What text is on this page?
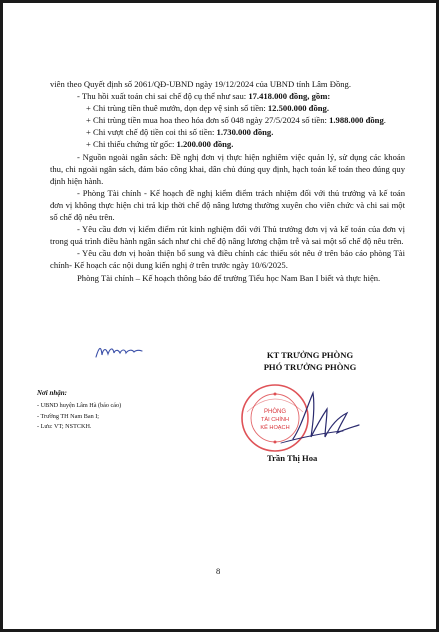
viên theo Quyết định số 2061/QĐ-UBND ngày 19/12/2024 của UBND tỉnh Lâm Đồng.

- Thu hồi xuất toán chi sai chế độ cụ thể như sau: 17.418.000 đồng, gồm:

+ Chi trùng tiền thuê mướn, dọn dẹp vệ sinh số tiền: 12.500.000 đồng.

+ Chi trùng tiền mua hoa theo hóa đơn số 048 ngày 27/5/2024 số tiền: 1.988.000 đồng.

+ Chi vượt chế độ tiền coi thi số tiền: 1.730.000 đồng.

+ Chi thiếu chứng từ gốc: 1.200.000 đồng.

- Nguồn ngoài ngân sách: Đề nghị đơn vị thực hiện nghiêm việc quản lý, sử dụng các khoản thu, chi ngoài ngân sách, đảm bảo công khai, dân chủ đúng quy định, hạch toán kế toán theo đúng quy định hiện hành.

- Phòng Tài chính - Kế hoạch đề nghị kiểm điểm trách nhiệm đối với thủ trưởng và kế toán đơn vị không thực hiện chi trả kịp thời chế độ nâng lương thường xuyên cho viên chức và chi sai một số chế độ nêu trên.

- Yêu cầu đơn vị kiểm điểm rút kinh nghiệm đối với Thủ trưởng đơn vị và kế toán của đơn vị trong quá trình điều hành ngân sách như chi chế độ nâng lương chậm trễ và sai một số chế độ nêu trên.

- Yêu cầu đơn vị hoàn thiện bổ sung và điều chỉnh các thiếu sót nêu ở trên báo cáo phòng Tài chính- Kế hoạch các nội dung kiến nghị ở trên trước ngày 10/6/2025.

Phòng Tài chính – Kế hoạch thông báo để trường Tiểu học Nam Ban I biết và thực hiện.

Nơi nhận:
- UBND huyện Lâm Hà (báo cáo)
- Trường TH Nam Ban I;
- Lưu: VT; NSTCKH.
KT TRƯỞNG PHÒNG
PHÓ TRƯỞNG PHÒNG
PHÒNG
TÀI CHÍNH
KẾ HOẠCH
Trần Thị Hoa
8
